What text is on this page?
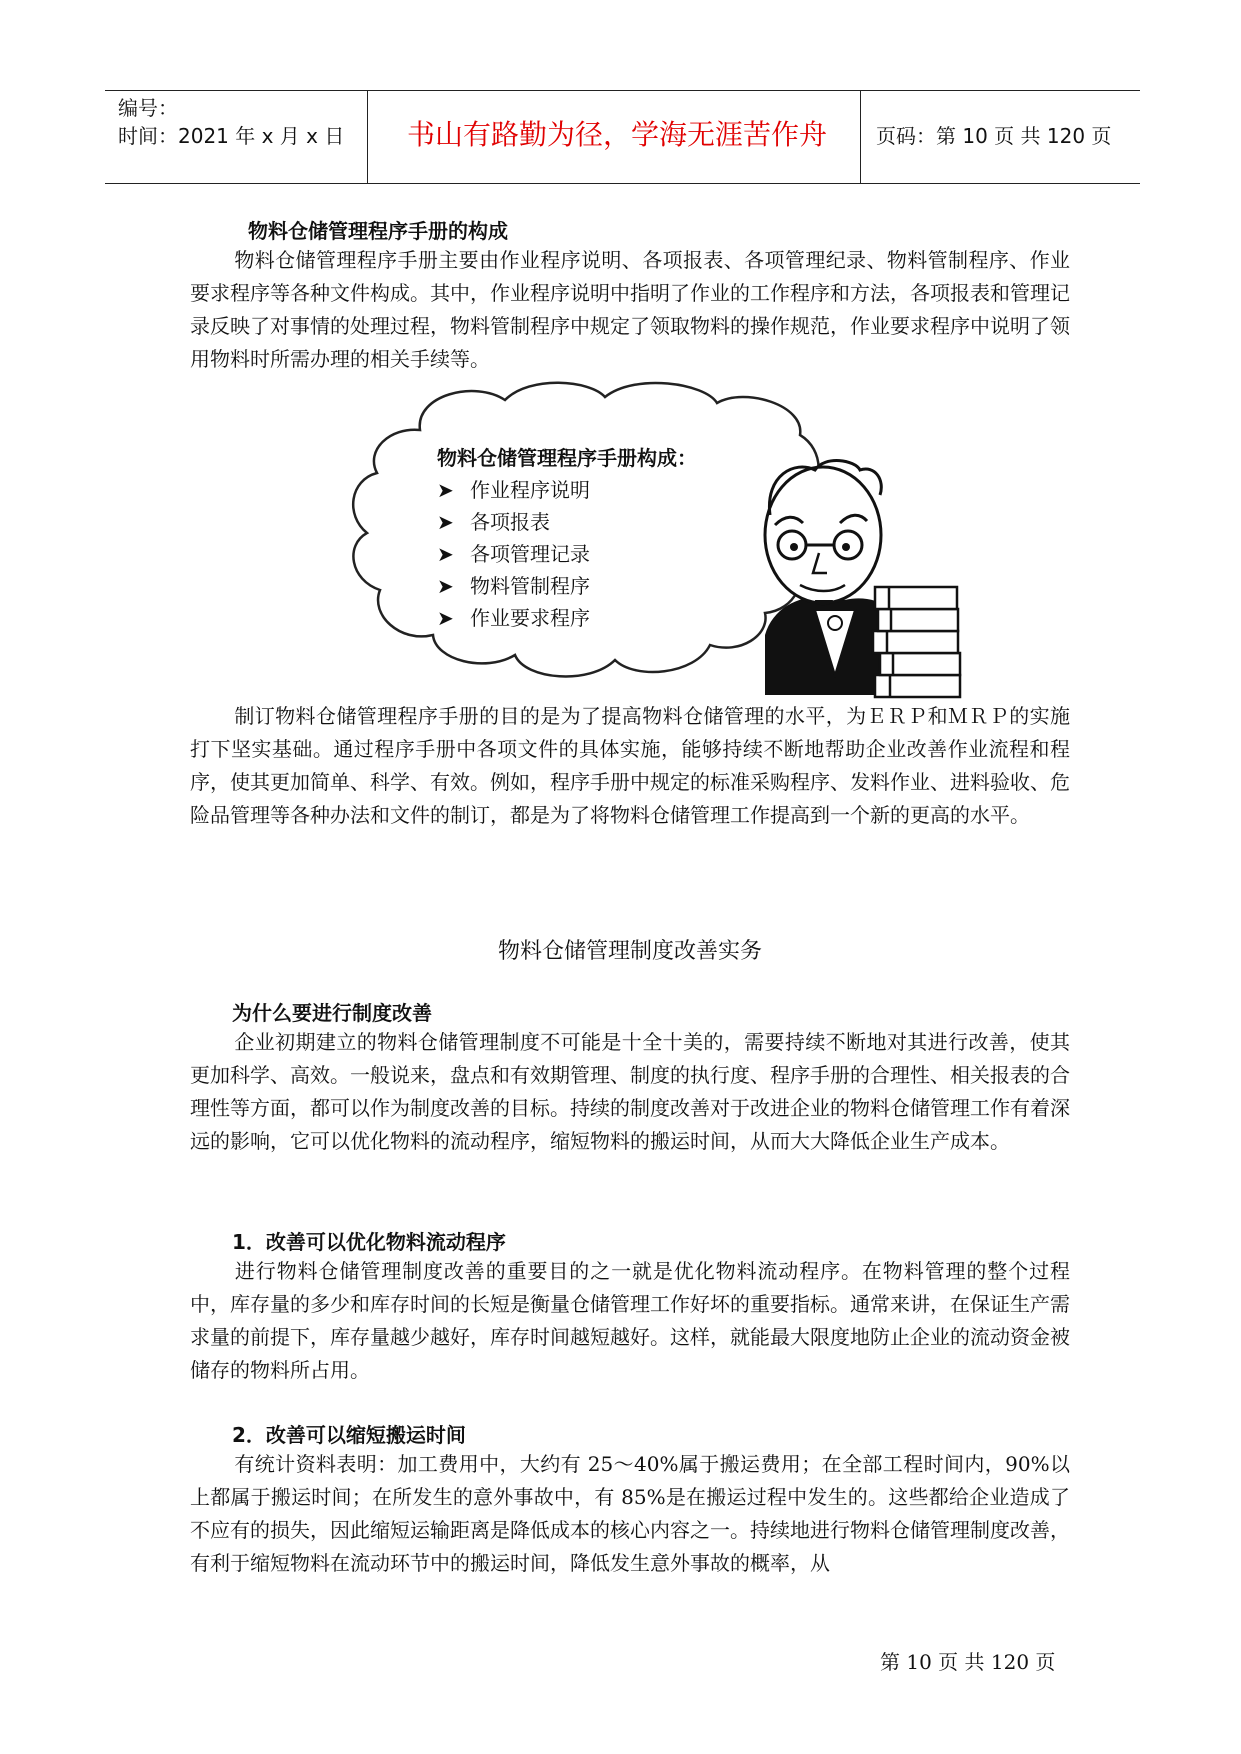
编号：
时间：2021 年 x 月 x 日	书山有路勤为径，学海无涯苦作舟	页码：第 10 页 共 120 页
物料仓储管理程序手册的构成

物料仓储管理程序手册主要由作业程序说明、各项报表、各项管理纪录、物料管制程序、作业要求程序等各种文件构成。其中，作业程序说明中指明了作业的工作程序和方法，各项报表和管理记录反映了对事情的处理过程，物料管制程序中规定了领取物料的操作规范，作业要求程序中说明了领用物料时所需办理的相关手续等。

物料仓储管理程序手册构成：
➤ 作业程序说明
➤ 各项报表
➤ 各项管理记录
➤ 物料管制程序
➤ 作业要求程序

制订物料仓储管理程序手册的目的是为了提高物料仓储管理的水平，为ＥＲＰ和ＭＲＰ的实施打下坚实基础。通过程序手册中各项文件的具体实施，能够持续不断地帮助企业改善作业流程和程序，使其更加简单、科学、有效。例如，程序手册中规定的标准采购程序、发料作业、进料验收、危险品管理等各种办法和文件的制订，都是为了将物料仓储管理工作提高到一个新的更高的水平。

物料仓储管理制度改善实务
为什么要进行制度改善

企业初期建立的物料仓储管理制度不可能是十全十美的，需要持续不断地对其进行改善，使其更加科学、高效。一般说来，盘点和有效期管理、制度的执行度、程序手册的合理性、相关报表的合理性等方面，都可以作为制度改善的目标。持续的制度改善对于改进企业的物料仓储管理工作有着深远的影响，它可以优化物料的流动程序，缩短物料的搬运时间，从而大大降低企业生产成本。

1．改善可以优化物料流动程序

进行物料仓储管理制度改善的重要目的之一就是优化物料流动程序。在物料管理的整个过程中，库存量的多少和库存时间的长短是衡量仓储管理工作好坏的重要指标。通常来讲，在保证生产需求量的前提下，库存量越少越好，库存时间越短越好。这样，就能最大限度地防止企业的流动资金被储存的物料所占用。

2．改善可以缩短搬运时间

有统计资料表明：加工费用中，大约有 25～40%属于搬运费用；在全部工程时间内，90%以上都属于搬运时间；在所发生的意外事故中，有 85%是在搬运过程中发生的。这些都给企业造成了不应有的损失，因此缩短运输距离是降低成本的核心内容之一。持续地进行物料仓储管理制度改善，有利于缩短物料在流动环节中的搬运时间，降低发生意外事故的概率，从

第 10 页 共 120 页
